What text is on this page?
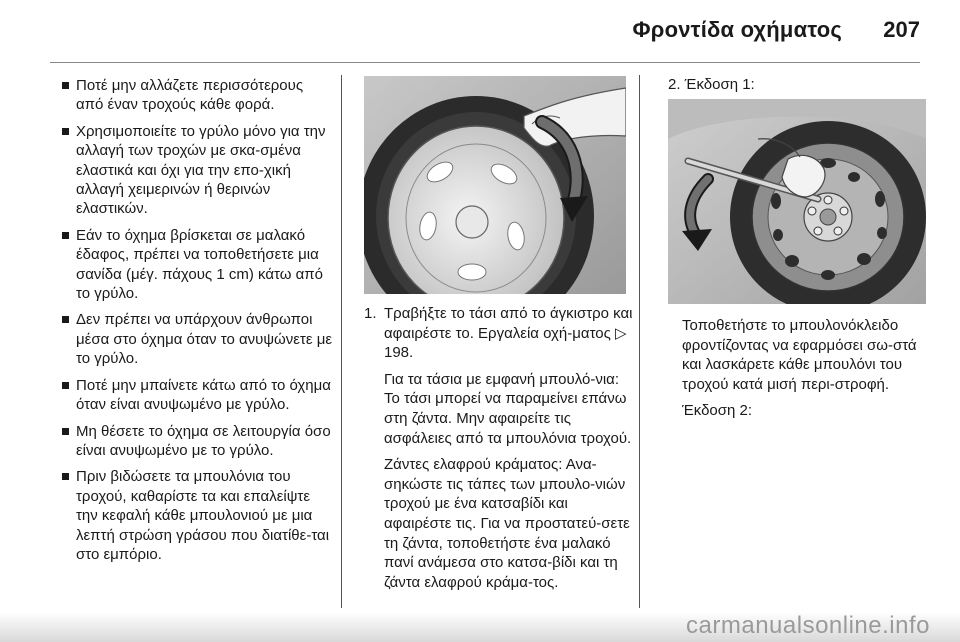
Φροντίδα οχήματος 207
Ποτέ μην αλλάζετε περισσότερους από έναν τροχούς κάθε φορά.
Χρησιμοποιείτε το γρύλο μόνο για την αλλαγή των τροχών με σκα-σμένα ελαστικά και όχι για την επο-χική αλλαγή χειμερινών ή θερινών ελαστικών.
Εάν το όχημα βρίσκεται σε μαλακό έδαφος, πρέπει να τοποθετήσετε μια σανίδα (μέγ. πάχους 1 cm) κάτω από το γρύλο.
Δεν πρέπει να υπάρχουν άνθρωποι μέσα στο όχημα όταν το ανυψώνετε με το γρύλο.
Ποτέ μην μπαίνετε κάτω από το όχημα όταν είναι ανυψωμένο με γρύλο.
Μη θέσετε το όχημα σε λειτουργία όσο είναι ανυψωμένο με το γρύλο.
Πριν βιδώσετε τα μπουλόνια του τροχού, καθαρίστε τα και επαλείψτε την κεφαλή κάθε μπουλονιού με μια λεπτή στρώση γράσου που διατίθε-ται στο εμπόριο.
1. Τραβήξτε το τάσι από το άγκιστρο και αφαιρέστε το. Εργαλεία οχή-ματος ▷ 198.
Για τα τάσια με εμφανή μπουλό-νια: Το τάσι μπορεί να παραμείνει επάνω στη ζάντα. Μην αφαιρείτε τις ασφάλειες από τα μπουλόνια τροχού.
Ζάντες ελαφρού κράματος: Ανα-σηκώστε τις τάπες των μπουλο-νιών τροχού με ένα κατσαβίδι και αφαιρέστε τις. Για να προστατεύ-σετε τη ζάντα, τοποθετήστε ένα μαλακό πανί ανάμεσα στο κατσα-βίδι και τη ζάντα ελαφρού κράμα-τος.
2. Έκδοση 1:
Τοποθετήστε το μπουλονόκλειδο φροντίζοντας να εφαρμόσει σω-στά και λασκάρετε κάθε μπουλόνι του τροχού κατά μισή περι-στροφή.
Έκδοση 2:
carmanualsonline.info
